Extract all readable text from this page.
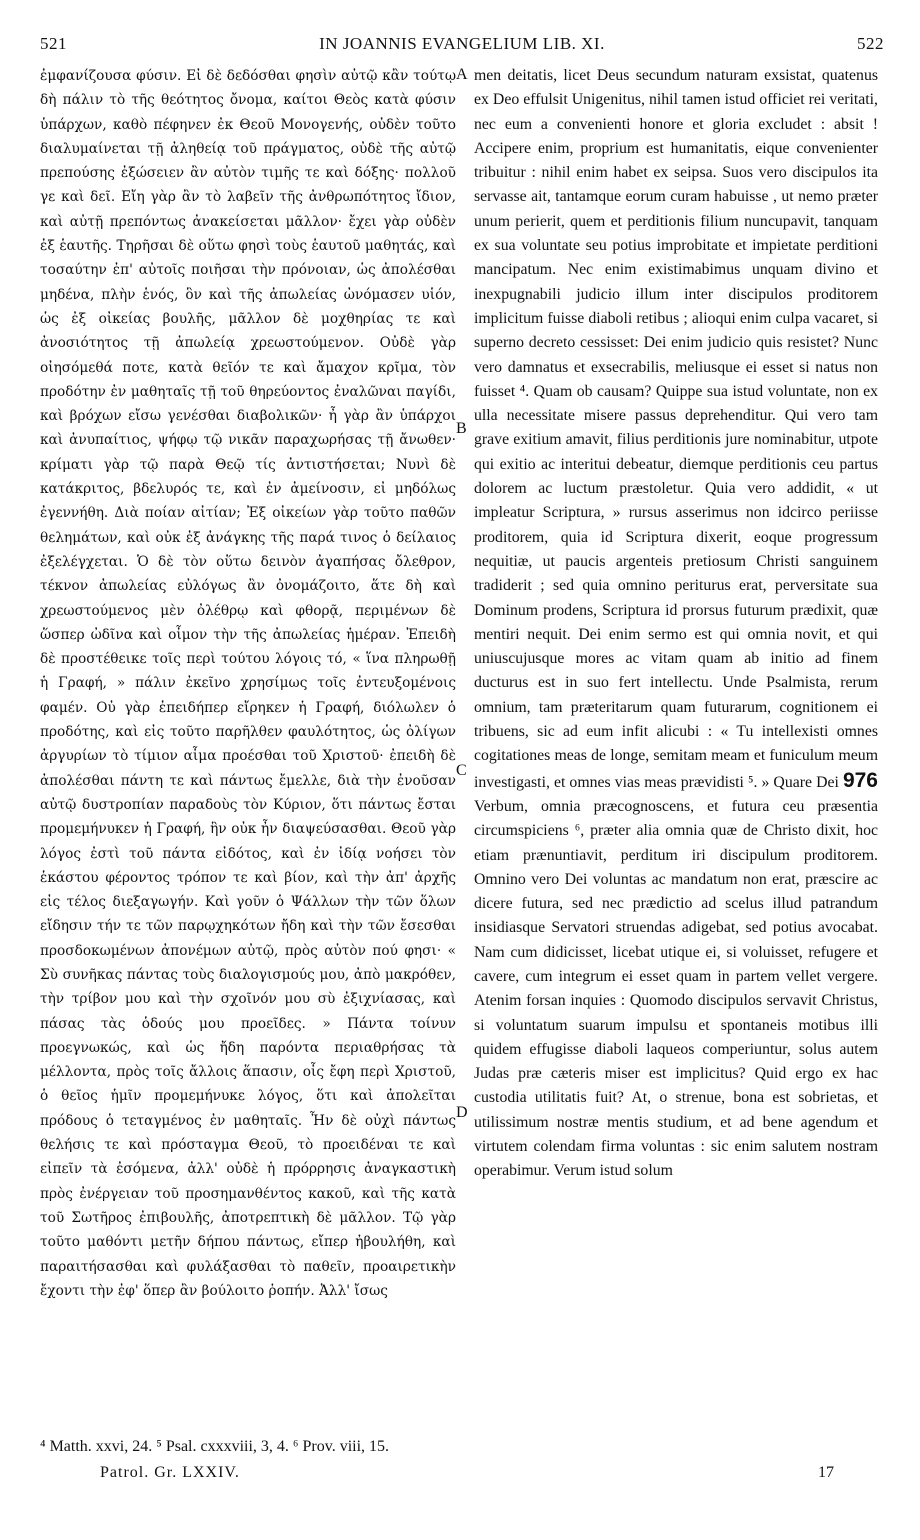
521	IN JOANNIS EVANGELIUM LIB. XI.	522

ἐμφανίζουσα φύσιν. Εἰ δὲ δεδόσθαι φησὶν αὐτῷ κἂν τούτῳ δὴ πάλιν τὸ τῆς θεότητος ὄνομα, καίτοι Θεὸς κατὰ φύσιν ὑπάρχων, καθὸ πέφηνεν ἐκ Θεοῦ Μονογενής, οὐδὲν τοῦτο διαλυμαίνεται τῇ ἀληθείᾳ τοῦ πράγματος, οὐδὲ τῆς αὐτῷ πρεπούσης ἐξώσειεν ἂν αὐτὸν τιμῆς τε καὶ δόξης· πολλοῦ γε καὶ δεῖ. Εἴη γὰρ ἂν τὸ λαβεῖν τῆς ἀνθρωπότητος ἴδιον, καὶ αὐτῇ πρεπόντως ἀνακείσεται μᾶλλον· ἔχει γὰρ οὐδὲν ἐξ ἑαυτῆς. Τηρῆσαι δὲ οὕτω φησὶ τοὺς ἑαυτοῦ μαθητάς, καὶ τοσαύτην ἐπ' αὐτοῖς ποιῆσαι τὴν πρόνοιαν, ὡς ἀπολέσθαι μηδένα, πλὴν ἑνός, ὃν καὶ τῆς ἀπωλείας ὠνόμασεν υἱόν, ὡς ἐξ οἰκείας βουλῆς, μᾶλλον δὲ μοχθηρίας τε καὶ ἀνοσιότητος τῇ ἀπωλείᾳ χρεωστούμενον. Οὐδὲ γὰρ οἰησόμεθά ποτε, κατὰ θεῖόν τε καὶ ἄμαχον κρῖμα, τὸν προδότην ἐν μαθηταῖς τῇ τοῦ θηρεύοντος ἐναλῶναι παγίδι, καὶ βρόχων εἴσω γενέσθαι διαβολικῶν· ἦ γὰρ ἂν ὑπάρχοι καὶ ἀνυπαίτιος, ψήφῳ τῷ νικᾶν παραχωρήσας τῇ ἄνωθεν· κρίματι γὰρ τῷ παρὰ Θεῷ τίς ἀντιστήσεται; Νυνὶ δὲ κατάκριτος, βδελυρός τε, καὶ ἐν ἀμείνοσιν, εἰ μηδόλως ἐγεννήθη. Διὰ ποίαν αἰτίαν; Ἐξ οἰκείων γὰρ τοῦτο παθῶν θελημάτων, καὶ οὐκ ἐξ ἀνάγκης τῆς παρά τινος ὁ δείλαιος ἐξελέγχεται. Ὁ δὲ τὸν οὕτω δεινὸν ἀγαπήσας ὄλεθρον, τέκνον ἀπωλείας εὐλόγως ἂν ὀνομάζοιτο, ἅτε δὴ καὶ χρεωστούμενος μὲν ὀλέθρῳ καὶ φθορᾷ, περιμένων δὲ ὥσπερ ὠδῖνα καὶ οἶμον τὴν τῆς ἀπωλείας ἡμέραν. Ἐπειδὴ δὲ προστέθεικε τοῖς περὶ τούτου λόγοις τό, « ἵνα πληρωθῇ ἡ Γραφή, » πάλιν ἐκεῖνο χρησίμως τοῖς ἐντευξομένοις φαμέν. Οὐ γὰρ ἐπειδήπερ εἴρηκεν ἡ Γραφή, διόλωλεν ὁ προδότης, καὶ εἰς τοῦτο παρῆλθεν φαυλότητος, ὡς ὀλίγων ἀργυρίων τὸ τίμιον αἷμα προέσθαι τοῦ Χριστοῦ· ἐπειδὴ δὲ ἀπολέσθαι πάντη τε καὶ πάντως ἔμελλε, διὰ τὴν ἐνοῦσαν αὐτῷ δυστροπίαν παραδοὺς τὸν Κύριον, ὅτι πάντως ἔσται προμεμήνυκεν ἡ Γραφή, ἣν οὐκ ἦν διαψεύσασθαι. Θεοῦ γὰρ λόγος ἐστὶ τοῦ πάντα εἰδότος, καὶ ἐν ἰδίᾳ νοήσει τὸν ἑκάστου φέροντος τρόπον τε καὶ βίον, καὶ τὴν ἀπ' ἀρχῆς εἰς τέλος διεξαγωγήν. Καὶ γοῦν ὁ Ψάλλων τὴν τῶν ὅλων εἴδησιν τήν τε τῶν παρῳχηκότων ἤδη καὶ τὴν τῶν ἔσεσθαι προσδοκωμένων ἀπονέμων αὐτῷ, πρὸς αὐτὸν πού φησι· « Σὺ συνῆκας πάντας τοὺς διαλογισμούς μου, ἀπὸ μακρόθεν, τὴν τρίβον μου καὶ τὴν σχοῖνόν μου σὺ ἐξιχνίασας, καὶ πάσας τὰς ὁδούς μου προεῖδες. » Πάντα τοίνυν προεγνωκώς, καὶ ὡς ἤδη παρόντα περιαθρήσας τὰ μέλλοντα, πρὸς τοῖς ἄλλοις ἅπασιν, οἷς ἔφη περὶ Χριστοῦ, ὁ θεῖος ἡμῖν προμεμήνυκε λόγος, ὅτι καὶ ἀπολεῖται πρόδους ὁ τεταγμένος ἐν μαθηταῖς. Ἦν δὲ οὐχὶ πάντως θελήσις τε καὶ πρόσταγμα Θεοῦ, τὸ προειδέναι τε καὶ εἰπεῖν τὰ ἐσόμενα, ἀλλ' οὐδὲ ἡ πρόρρησις ἀναγκαστικὴ πρὸς ἐνέργειαν τοῦ προσημανθέντος κακοῦ, καὶ τῆς κατὰ τοῦ Σωτῆρος ἐπιβουλῆς, ἀποτρεπτικὴ δὲ μᾶλλον. Τῷ γὰρ τοῦτο μαθόντι μετῆν δήπου πάντως, εἴπερ ἠβουλήθη, καὶ παραιτήσασθαι καὶ φυλάξασθαι τὸ παθεῖν, προαιρετικὴν ἔχοντι τὴν ἐφ' ὅπερ ἂν βούλοιτο ῥοπήν. Ἀλλ' ἴσως

A
B
C
D

men deitatis, licet Deus secundum naturam exsistat, quatenus ex Deo effulsit Unigenitus, nihil tamen istud officiet rei veritati, nec eum a convenienti honore et gloria excludet : absit ! Accipere enim, proprium est humanitatis, eique convenienter tribuitur : nihil enim habet ex seipsa. Suos vero discipulos ita servasse ait, tantamque eorum curam habuisse , ut nemo præter unum perierit, quem et perditionis filium nuncupavit, tanquam ex sua voluntate seu potius improbitate et impietate perditioni mancipatum. Nec enim existimabimus unquam divino et inexpugnabili judicio illum inter discipulos proditorem implicitum fuisse diaboli retibus ; alioqui enim culpa vacaret, si superno decreto cessisset: Dei enim judicio quis resistet? Nunc vero damnatus et exsecrabilis, meliusque ei esset si natus non fuisset ⁴. Quam ob causam? Quippe sua istud voluntate, non ex ulla necessitate misere passus deprehenditur. Qui vero tam grave exitium amavit, filius perditionis jure nominabitur, utpote qui exitio ac interitui debeatur, diemque perditionis ceu partus dolorem ac luctum præstoletur. Quia vero addidit, « ut impleatur Scriptura, » rursus asserimus non idcirco periisse proditorem, quia id Scriptura dixerit, eoque progressum nequitiæ, ut paucis argenteis pretiosum Christi sanguinem tradiderit ; sed quia omnino periturus erat, perversitate sua Dominum prodens, Scriptura id prorsus futurum prædixit, quæ mentiri nequit. Dei enim sermo est qui omnia novit, et qui uniuscujusque mores ac vitam quam ab initio ad finem ducturus est in suo fert intellectu. Unde Psalmista, rerum omnium, tam præteritarum quam futurarum, cognitionem ei tribuens, sic ad eum infit alicubi : « Tu intellexisti omnes cogitationes meas de longe, semitam meam et funiculum meum investigasti, et omnes vias meas prævidisti ⁵. » Quare Dei 976 Verbum, omnia præcognoscens, et futura ceu præsentia circumspiciens ⁶, præter alia omnia quæ de Christo dixit, hoc etiam prænuntiavit, perditum iri discipulum proditorem. Omnino vero Dei voluntas ac mandatum non erat, præscire ac dicere futura, sed nec prædictio ad scelus illud patrandum insidiasque Servatori struendas adigebat, sed potius avocabat. Nam cum didicisset, licebat utique ei, si voluisset, refugere et cavere, cum integrum ei esset quam in partem vellet vergere. Atenim forsan inquies : Quomodo discipulos servavit Christus, si voluntatum suarum impulsu et spontaneis motibus illi quidem effugisse diaboli laqueos comperiuntur, solus autem Judas præ cæteris miser est implicitus? Quid ergo ex hac custodia utilitatis fuit? At, o strenue, bona est sobrietas, et utilissimum nostræ mentis studium, et ad bene agendum et virtutem colendam firma voluntas : sic enim salutem nostram operabimur. Verum istud solum

⁴ Matth. xxvi, 24. ⁵ Psal. cxxxviii, 3, 4. ⁶ Prov. viii, 15.
Patrol. Gr. LXXIV.	17
